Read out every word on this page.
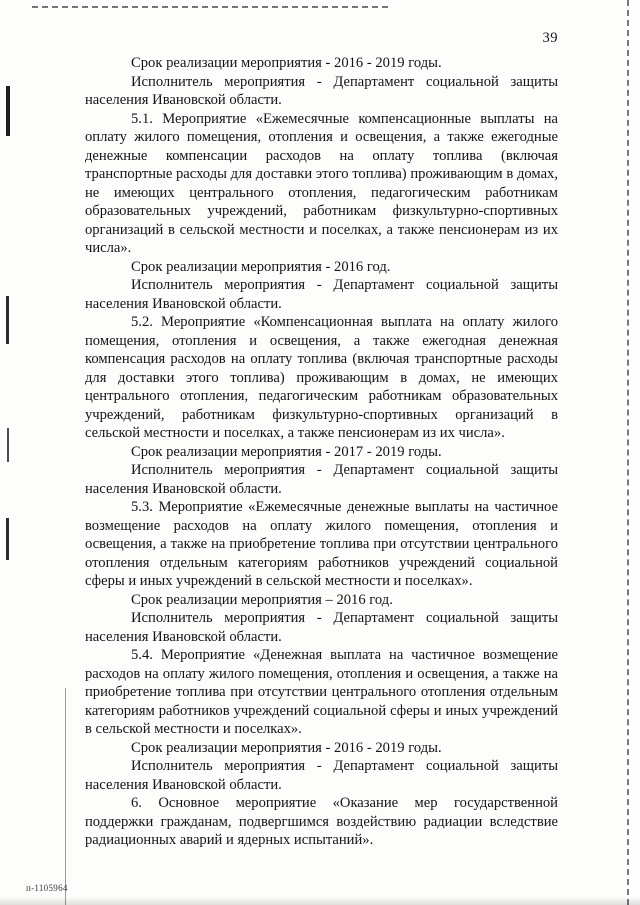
39

Срок реализации мероприятия - 2016 - 2019 годы.

Исполнитель мероприятия - Департамент социальной защиты населения Ивановской области.

5.1. Мероприятие «Ежемесячные компенсационные выплаты на оплату жилого помещения, отопления и освещения, а также ежегодные денежные компенсации расходов на оплату топлива (включая транспортные расходы для доставки этого топлива) проживающим в домах, не имеющих центрального отопления, педагогическим работникам образовательных учреждений, работникам физкультурно-спортивных организаций в сельской местности и поселках, а также пенсионерам из их числа».

Срок реализации мероприятия - 2016 год.

Исполнитель мероприятия - Департамент социальной защиты населения Ивановской области.

5.2. Мероприятие «Компенсационная выплата на оплату жилого помещения, отопления и освещения, а также ежегодная денежная компенсация расходов на оплату топлива (включая транспортные расходы для доставки этого топлива) проживающим в домах, не имеющих центрального отопления, педагогическим работникам образовательных учреждений, работникам физкультурно-спортивных организаций в сельской местности и поселках, а также пенсионерам из их числа».

Срок реализации мероприятия - 2017 - 2019 годы.

Исполнитель мероприятия - Департамент социальной защиты населения Ивановской области.

5.3. Мероприятие «Ежемесячные денежные выплаты на частичное возмещение расходов на оплату жилого помещения, отопления и освещения, а также на приобретение топлива при отсутствии центрального отопления отдельным категориям работников учреждений социальной сферы и иных учреждений в сельской местности и поселках».

Срок реализации мероприятия – 2016 год.

Исполнитель мероприятия - Департамент социальной защиты населения Ивановской области.

5.4. Мероприятие «Денежная выплата на частичное возмещение расходов на оплату жилого помещения, отопления и освещения, а также на приобретение топлива при отсутствии центрального отопления отдельным категориям работников учреждений социальной сферы и иных учреждений в сельской местности и поселках».

Срок реализации мероприятия - 2016 - 2019 годы.

Исполнитель мероприятия - Департамент социальной защиты населения Ивановской области.

6. Основное мероприятие «Оказание мер государственной поддержки гражданам, подвергшимся воздействию радиации вследствие радиационных аварий и ядерных испытаний».

п-1105964
